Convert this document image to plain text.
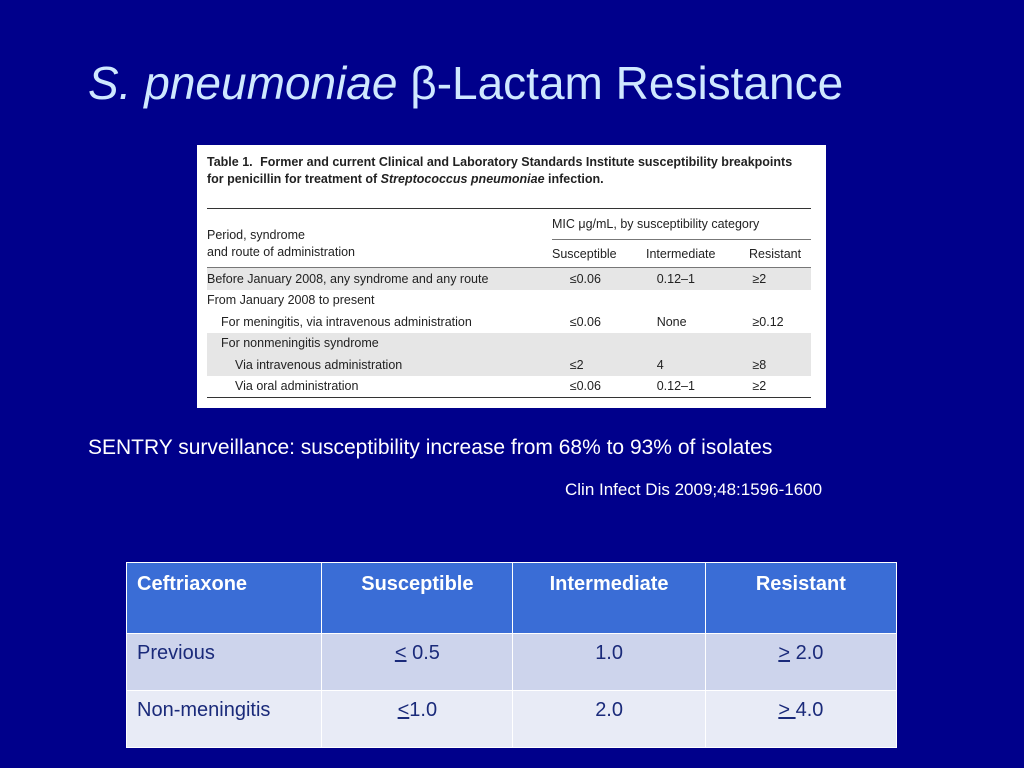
S. pneumoniae β-Lactam Resistance

Table 1. Former and current Clinical and Laboratory Standards Institute susceptibility breakpoints for penicillin for treatment of Streptococcus pneumoniae infection.

Period, syndrome
and route of administration
MIC μg/mL, by susceptibility category
Susceptible	Intermediate	Resistant
Before January 2008, any syndrome and any route	≤0.06	0.12–1	≥2
From January 2008 to present			
For meningitis, via intravenous administration	≤0.06	None	≥0.12
For nonmeningitis syndrome			
Via intravenous administration	≤2	4	≥8
Via oral administration	≤0.06	0.12–1	≥2
SENTRY surveillance: susceptibility increase from 68% to 93% of isolates
Clin Infect Dis 2009;48:1596-1600
Ceftriaxone	Susceptible	Intermediate	Resistant
Previous	< 0.5	1.0	> 2.0
Non-meningitis	<1.0	2.0	> 4.0
